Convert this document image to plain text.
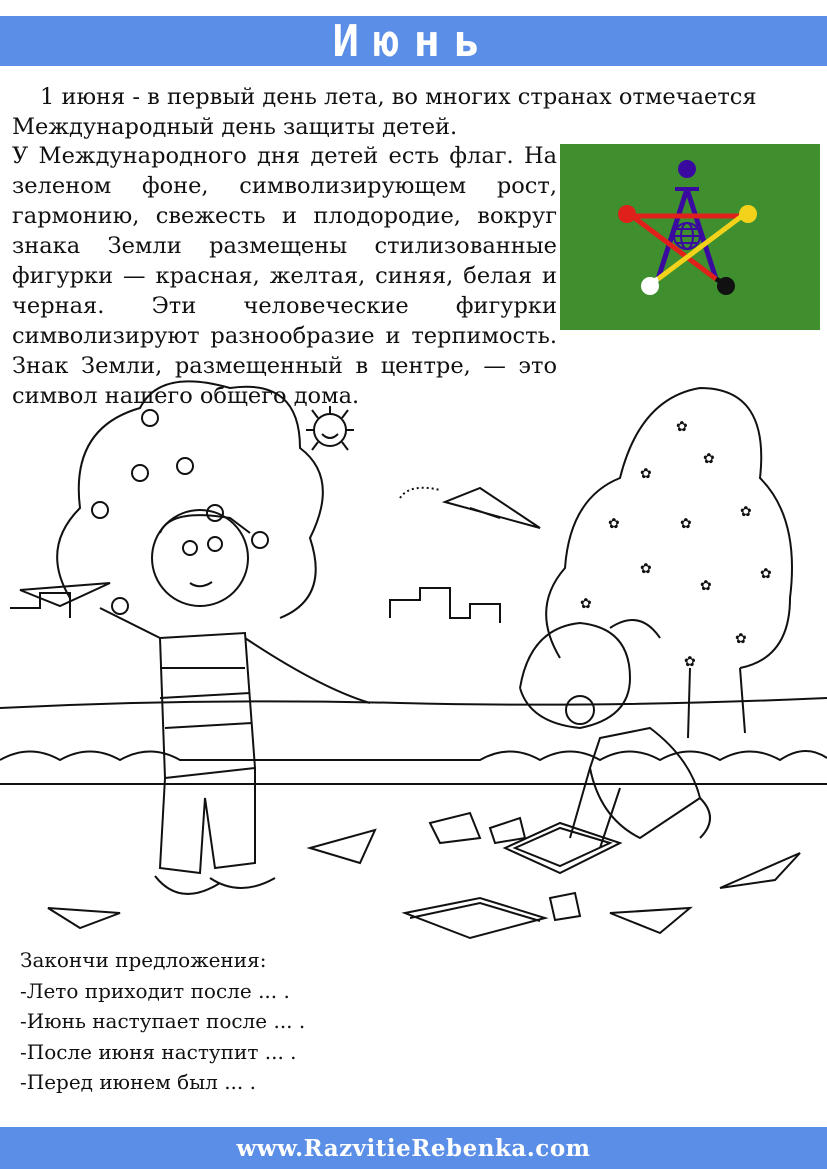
Июнь
1 июня - в первый день лета, во многих странах отмечается Международный день защиты детей.
У Международного дня детей есть флаг. На зеленом фоне, символизирующем рост, гармонию, свежесть и плодородие, вокруг знака Земли размещены стилизованные фигурки — красная, желтая, синяя, белая и черная. Эти человеческие фигурки символизируют разнообразие и терпимость. Знак Земли, размещенный в центре, — это символ нашего общего дома.
✿
✿
✿
✿	✿
✿
✿
✿
✿
✿
✿
✿
Закончи предложения:
-Лето приходит после ... .
-Июнь наступает после ... .
-После июня наступит ... .
-Перед июнем был ... .
www.RazvitieRebenka.com
